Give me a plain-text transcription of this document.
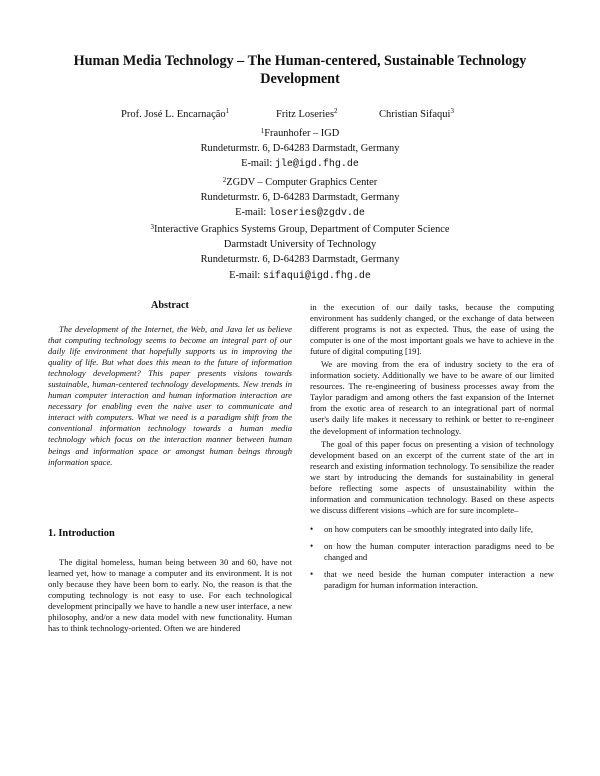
Human Media Technology – The Human-centered, Sustainable Technology Development
Prof. José L. Encarnação$^1$	Fritz Loseries$^2$	Christian Sifaqui$^3$
$^1$Fraunhofer – IGD
Rundeturmstr. 6, D-64283 Darmstadt, Germany
E-mail: jle@igd.fhg.de
$^2$ZGDV – Computer Graphics Center
Rundeturmstr. 6, D-64283 Darmstadt, Germany
E-mail: loseries@zgdv.de
$^3$Interactive Graphics Systems Group, Department of Computer Science
Darmstadt University of Technology
Rundeturmstr. 6, D-64283 Darmstadt, Germany
E-mail: sifaqui@igd.fhg.de
Abstract
The development of the Internet, the Web, and Java let us believe that computing technology seems to become an integral part of our daily life environment that hopefully supports us in improving the quality of life. But what does this mean to the future of information technology development? This paper presents visions towards sustainable, human-centered technology developments. New trends in human computer interaction and human information interaction are necessary for enabling even the naive user to communicate and interact with computers. What we need is a paradigm shift from the conventional information technology towards a human media technology which focus on the interaction manner between human beings and information space or amongst human beings through information space.
1. Introduction
The digital homeless, human being between 30 and 60, have not learned yet, how to manage a computer and its environment. It is not only because they have been born to early. No, the reason is that the computing technology is not easy to use. For each technological development principally we have to handle a new user interface, a new philosophy, and/or a new data model with new functionality. Human has to think technology-oriented. Often we are hindered

in the execution of our daily tasks, because the computing environment has suddenly changed, or the exchange of data between different programs is not as expected. Thus, the ease of using the computer is one of the most important goals we have to achieve in the future of digital computing [19].

We are moving from the era of industry society to the era of information society. Additionally we have to be aware of our limited resources. The re-engineering of business processes away from the Taylor paradigm and among others the fast expansion of the Internet from the exotic area of research to an integrational part of normal user's daily life makes it necessary to rethink or better to re-engineer the development of information technology.

The goal of this paper focus on presenting a vision of technology development based on an excerpt of the current state of the art in research and existing information technology. To sensibilize the reader we start by introducing the demands for sustainability in general before reflecting some aspects of unsustainability within the information and communication technology. Based on these aspects we discuss different visions –which are for sure incomplete–

• on how computers can be smoothly integrated into daily life,
• on how the human computer interaction paradigms need to be changed and
• that we need beside the human computer interaction a new paradigm for human information interaction.
